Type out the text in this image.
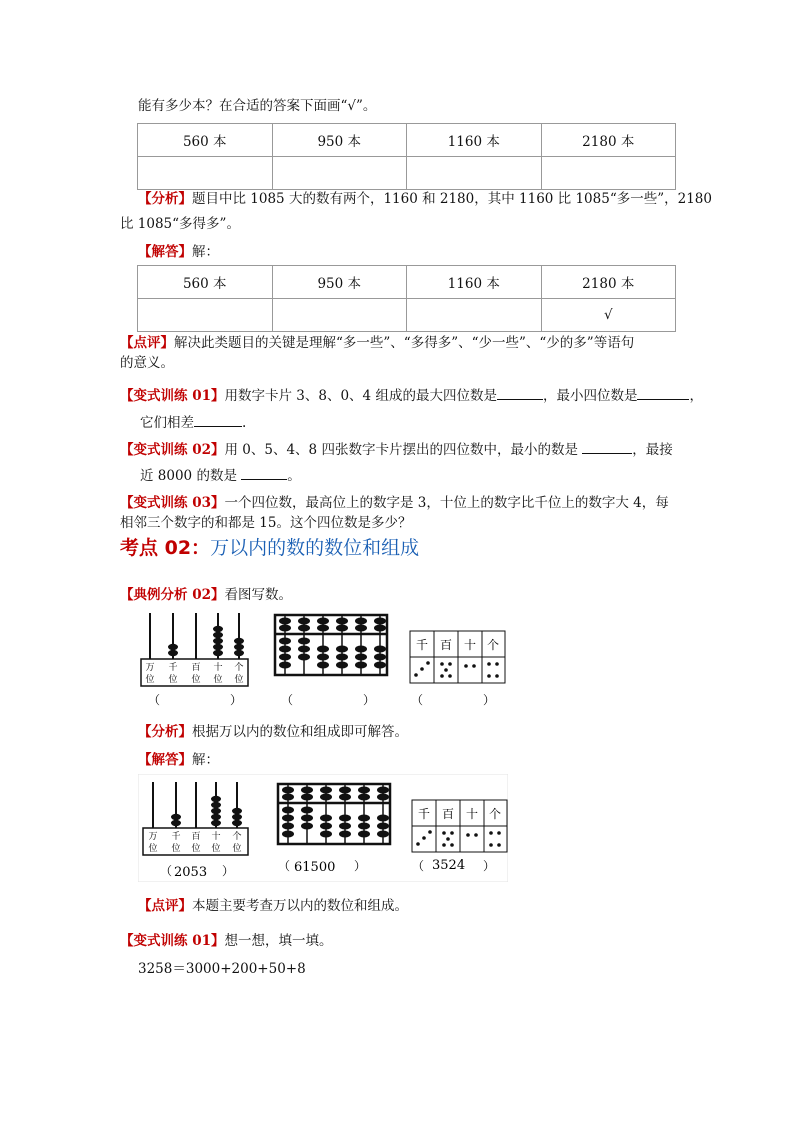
能有多少本？在合适的答案下面画“√”。
560 本	950 本	1160 本	2180 本

【分析】题目中比 1085 大的数有两个，1160 和 2180，其中 1160 比 1085“多一些”，2180
比 1085“多得多”。
【解答】解：
560 本	950 本	1160 本	2180 本
			√
【点评】解决此类题目的关键是理解“多一些”、“多得多”、“少一些”、“少的多”等语句
的意义。
【变式训练 01】用数字卡片 3、8、0、4 组成的最大四位数是	，最小四位数是	，
它们相差	.
【变式训练 02】用 0、5、4、8 四张数字卡片摆出的四位数中，最小的数是	，最接
近 8000 的数是	。
【变式训练 03】一个四位数，最高位上的数字是 3，十位上的数字比千位上的数字大 4，每
相邻三个数字的和都是 15。这个四位数是多少？
考点 02：万以内的数的数位和组成
【典例分析 02】看图写数。
万
位
千
位
百
位
十
位
个
位
（	）	（	）
千 百 十 个
（	）
【分析】根据万以内的数位和组成即可解答。
【解答】解：
万
位
千
位
百
位
十
位
个
位
（ 2053 ）	（ 61500 ）
千 百 十 个
（ 3524 ）
【点评】本题主要考查万以内的数位和组成。
【变式训练 01】想一想，填一填。
3258＝3000+200+50+8
